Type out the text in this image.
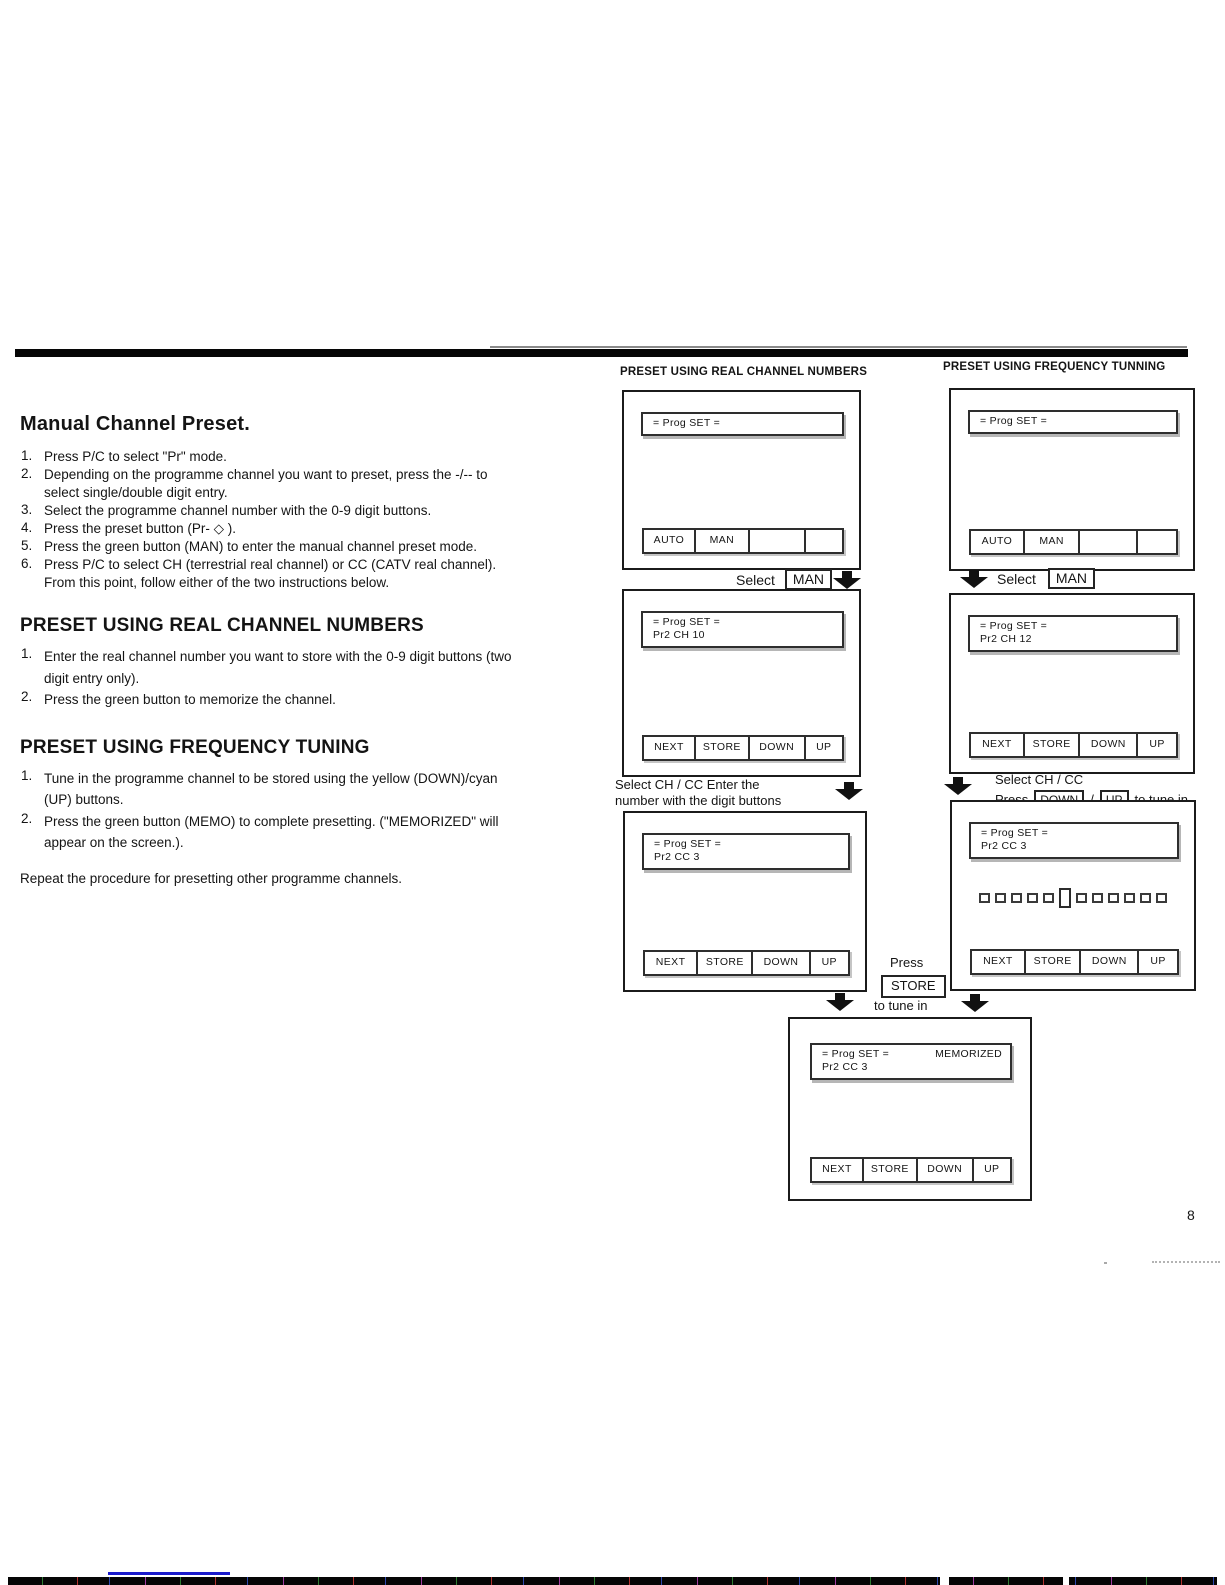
Manual Channel Preset.
1. Press P/C to select "Pr" mode.
2. Depending on the programme channel you want to preset, press the -/-- to
select single/double digit entry.
3. Select the programme channel number with the 0-9 digit buttons.
4. Press the preset button (Pr- ◇ ).
5. Press the green button (MAN) to enter the manual channel preset mode.
6. Press P/C to select CH (terrestrial real channel) or CC (CATV real channel).
From this point, follow either of the two instructions below.
PRESET USING REAL CHANNEL NUMBERS
1. Enter the real channel number you want to store with the 0-9 digit buttons (two
digit entry only).
2. Press the green button to memorize the channel.
PRESET USING FREQUENCY TUNING
1. Tune in the programme channel to be stored using the yellow (DOWN)/cyan
(UP) buttons.
2. Press the green button (MEMO) to complete presetting. ("MEMORIZED" will
appear on the screen.).
Repeat the procedure for presetting other programme channels.
PRESET USING REAL CHANNEL NUMBERS	PRESET USING FREQUENCY TUNNING
= Prog SET =
AUTO	MAN
Select	MAN
= Prog SET =
AUTO	MAN
Select	MAN
= Prog SET =
Pr2 CH 10
NEXT	STORE	DOWN	UP
Select CH / CC Enter the
number with the digit buttons
= Prog SET =
Pr2 CH 12
NEXT	STORE	DOWN	UP
Select CH / CC
= Prog SET =
Pr2 CC 3
NEXT	STORE	DOWN	UP
= Prog SET =
Pr2 CC 3
NEXT	STORE	DOWN	UP
Press
STORE
to tune in
= Prog SET =	MEMORIZED
Pr2 CC 3
NEXT	STORE	DOWN	UP
8
